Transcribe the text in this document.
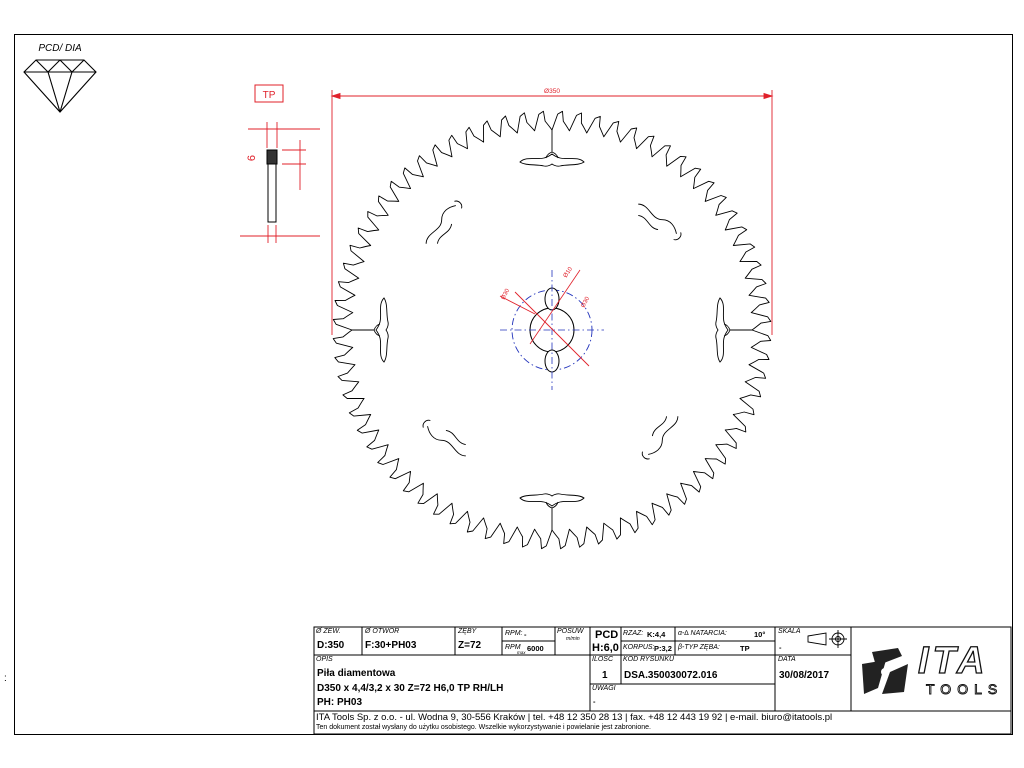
PCD/ DIA
TP
6
Ø350
Ø10
Ø30
Ø30
Ø ZEW.
D:350
Ø OTWÓR
F:30+PH03
ZĘBY
Z=72
RPM: -
RPM
max 6000
POSUW
m/min PCD
H:6,0
RZAZ: K:4,4
KORPUS: P:3,2
α-∆ NATARCIA:	10°
β-TYP ZĘBA:	TP
SKALA
-
OPIS
Piła diamentowa
D350 x 4,4/3,2 x 30 Z=72 H6,0 TP RH/LH
PH: PH03
ILOŚĆ
1
KOD RYSUNKU
DSA.350030072.016
DATA
30/08/2017
UWAGI
-
ITA Tools Sp. z o.o. - ul. Wodna 9, 30-556 Kraków | tel. +48 12 350 28 13 | fax. +48 12 443 19 92 | e-mail. biuro@itatools.pl
Ten dokument został wysłany do użytku osobistego. Wszelkie wykorzystywanie i powielanie jest zabronione.
ITA
TOOLS
:
